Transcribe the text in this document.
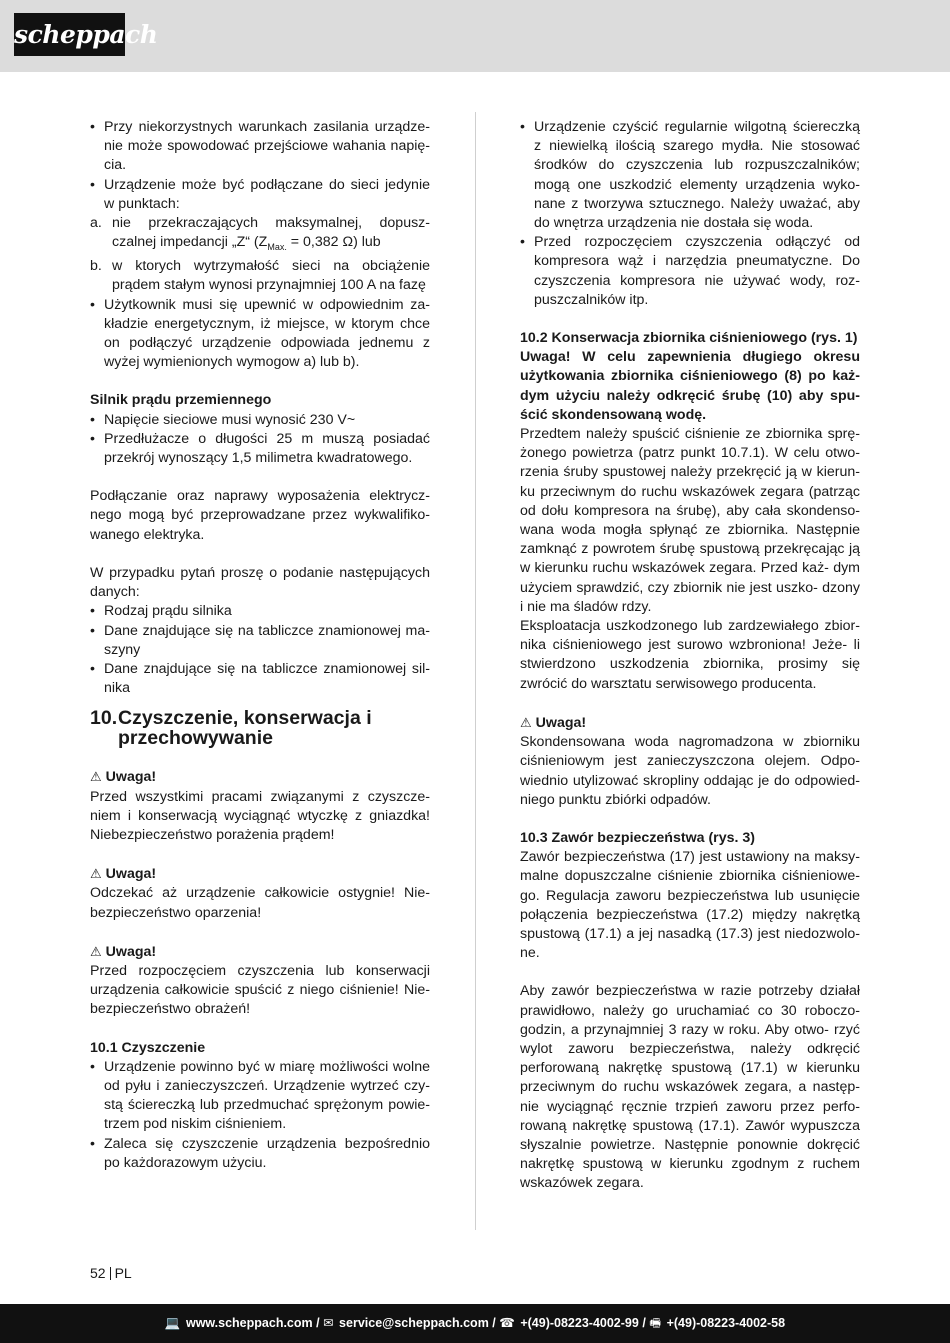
scheppach
• Przy niekorzystnych warunkach zasilania urządze- nie może spowodować przejściowe wahania napię- cia.
• Urządzenie może być podłączane do sieci jedynie w punktach:
a. nie przekraczających maksymalnej, dopusz- czalnej impedancji „Z“ ($Z_{Max.} = 0,382$ Ω) lub
b. w ktorych wytrzymałość sieci na obciążenie prądem stałym wynosi przynajmniej 100 A na fazę
• Użytkownik musi się upewnić w odpowiednim za- kładzie energetycznym, iż miejsce, w ktorym chce on podłączyć urządzenie odpowiada jednemu z wyżej wymienionych wymogow a) lub b).

Silnik prądu przemiennego

• Napięcie sieciowe musi wynosić 230 V~
• Przedłużacze o długości 25 m muszą posiadać przekrój wynoszący 1,5 milimetra kwadratowego.

Podłączanie oraz naprawy wyposażenia elektrycz- nego mogą być przeprowadzane przez wykwalifiko- wanego elektryka.

W przypadku pytań proszę o podanie następujących danych:

• Rodzaj prądu silnika
• Dane znajdujące się na tabliczce znamionowej ma- szyny
• Dane znajdujące się na tabliczce znamionowej sil- nika
10. Czyszczenie, konserwacja i przechowywanie

⚠ Uwaga!

Przed wszystkimi pracami związanymi z czyszcze- niem i konserwacją wyciągnąć wtyczkę z gniazdka! Niebezpieczeństwo porażenia prądem!

⚠ Uwaga!

Odczekać aż urządzenie całkowicie ostygnie! Nie- bezpieczeństwo oparzenia!

⚠ Uwaga!

Przed rozpoczęciem czyszczenia lub konserwacji urządzenia całkowicie spuścić z niego ciśnienie! Nie- bezpieczeństwo obrażeń!

10.1 Czyszczenie

• Urządzenie powinno być w miarę możliwości wolne od pyłu i zanieczyszczeń. Urządzenie wytrzeć czy- stą ściereczką lub przedmuchać sprężonym powie- trzem pod niskim ciśnieniem.
• Zaleca się czyszczenie urządzenia bezpośrednio po każdorazowym użyciu.
• Urządzenie czyścić regularnie wilgotną ściereczką z niewielką ilością szarego mydła. Nie stosować środków do czyszczenia lub rozpuszczalników; mogą one uszkodzić elementy urządzenia wyko- nane z tworzywa sztucznego. Należy uważać, aby do wnętrza urządzenia nie dostała się woda.
• Przed rozpoczęciem czyszczenia odłączyć od kompresora wąż i narzędzia pneumatyczne. Do czyszczenia kompresora nie używać wody, roz- puszczalników itp.

10.2 Konserwacja zbiornika ciśnieniowego (rys. 1)

Uwaga! W celu zapewnienia długiego okresu użytkowania zbiornika ciśnieniowego (8) po każ- dym użyciu należy odkręcić śrubę (10) aby spu- ścić skondensowaną wodę.

Przedtem należy spuścić ciśnienie ze zbiornika sprę- żonego powietrza (patrz punkt 10.7.1). W celu otwo- rzenia śruby spustowej należy przekręcić ją w kierun- ku przeciwnym do ruchu wskazówek zegara (patrząc od dołu kompresora na śrubę), aby cała skondenso- wana woda mogła spłynąć ze zbiornika. Następnie zamknąć z powrotem śrubę spustową przekręcając ją w kierunku ruchu wskazówek zegara. Przed każ- dym użyciem sprawdzić, czy zbiornik nie jest uszko- dzony i nie ma śladów rdzy.

Eksploatacja uszkodzonego lub zardzewiałego zbior- nika ciśnieniowego jest surowo wzbroniona! Jeże- li stwierdzono uszkodzenia zbiornika, prosimy się zwrócić do warsztatu serwisowego producenta.

⚠ Uwaga!

Skondensowana woda nagromadzona w zbiorniku ciśnieniowym jest zanieczyszczona olejem. Odpo- wiednio utylizować skropliny oddając je do odpowied- niego punktu zbiórki odpadów.

10.3 Zawór bezpieczeństwa (rys. 3)

Zawór bezpieczeństwa (17) jest ustawiony na maksy- malne dopuszczalne ciśnienie zbiornika ciśnieniowe- go. Regulacja zaworu bezpieczeństwa lub usunięcie połączenia bezpieczeństwa (17.2) między nakrętką spustową (17.1) a jej nasadką (17.3) jest niedozwolo- ne.

Aby zawór bezpieczeństwa w razie potrzeby działał prawidłowo, należy go uruchamiać co 30 roboczo- godzin, a przynajmniej 3 razy w roku. Aby otwo- rzyć wylot zaworu bezpieczeństwa, należy odkręcić perforowaną nakrętkę spustową (17.1) w kierunku przeciwnym do ruchu wskazówek zegara, a następ- nie wyciągnąć ręcznie trzpień zaworu przez perfo- rowaną nakrętkę spustową (17.1). Zawór wypuszcza słyszalnie powietrze. Następnie ponownie dokręcić nakrętkę spustową w kierunku zgodnym z ruchem wskazówek zegara.

52 PL
💻 www.scheppach.com / ✉ service@scheppach.com / ☎ +(49)-08223-4002-99 / 🖷 +(49)-08223-4002-58
